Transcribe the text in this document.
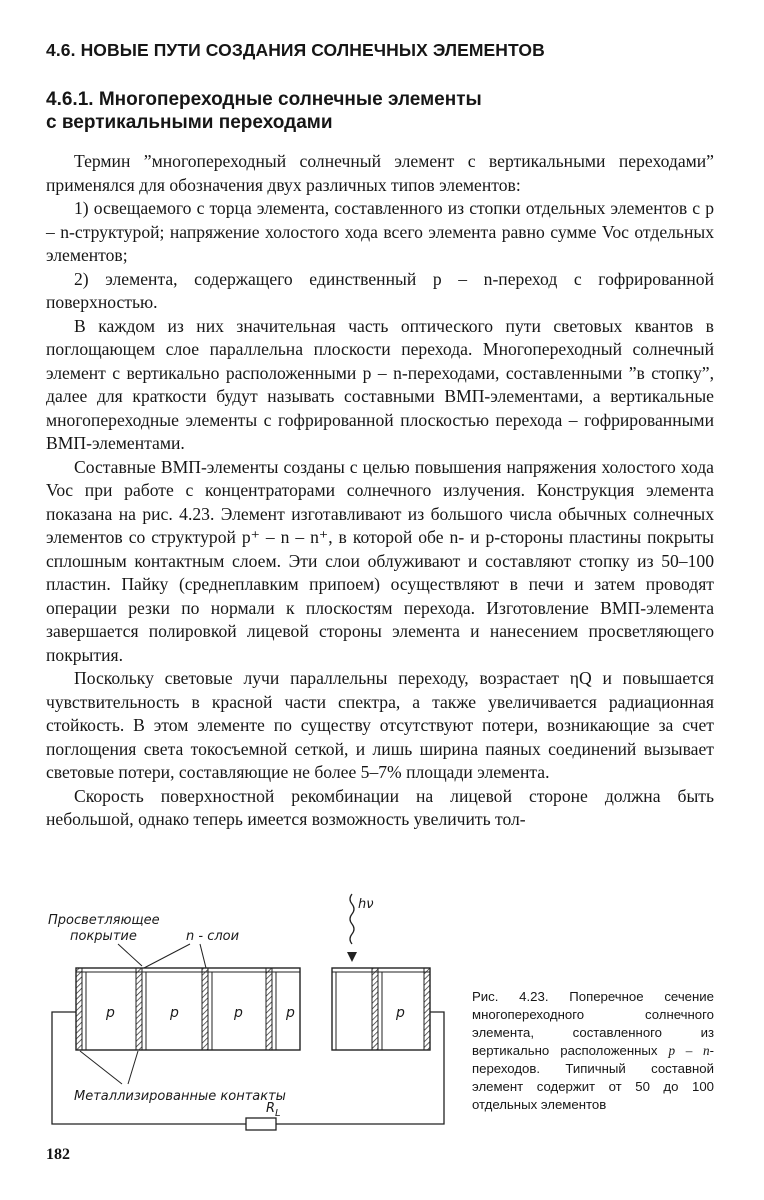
4.6. НОВЫЕ ПУТИ СОЗДАНИЯ СОЛНЕЧНЫХ ЭЛЕМЕНТОВ
4.6.1. Многопереходные солнечные элементы
с вертикальными переходами

Термин ”многопереходный солнечный элемент с вертикальными переходами” применялся для обозначения двух различных типов элементов:

1) освещаемого с торца элемента, составленного из стопки отдельных элементов с p – n-структурой; напряжение холостого хода всего элемента равно сумме Voc отдельных элементов;

2) элемента, содержащего единственный p – n-переход с гофрированной поверхностью.

В каждом из них значительная часть оптического пути световых квантов в поглощающем слое параллельна плоскости перехода. Многопереходный солнечный элемент с вертикально расположенными p – n-переходами, составленными ”в стопку”, далее для краткости будут называть составными ВМП-элементами, а вертикальные многопереходные элементы с гофрированной плоскостью перехода – гофрированными ВМП-элементами.

Составные ВМП-элементы созданы с целью повышения напряжения холостого хода Voc при работе с концентраторами солнечного излучения. Конструкция элемента показана на рис. 4.23. Элемент изготавливают из большого числа обычных солнечных элементов со структурой p⁺ – n – n⁺, в которой обе n- и p-стороны пластины покрыты сплошным контактным слоем. Эти слои облуживают и составляют стопку из 50–100 пластин. Пайку (среднеплавким припоем) осуществляют в печи и затем проводят операции резки по нормали к плоскостям перехода. Изготовление ВМП-элемента завершается полировкой лицевой стороны элемента и нанесением просветляющего покрытия.

Поскольку световые лучи параллельны переходу, возрастает ηQ и повышается чувствительность в красной части спектра, а также увеличивается радиационная стойкость. В этом элементе по существу отсутствуют потери, возникающие за счет поглощения света токосъемной сеткой, и лишь ширина паяных соединений вызывает световые потери, составляющие не более 5–7% площади элемента.

Скорость поверхностной рекомбинации на лицевой стороне должна быть небольшой, однако теперь имеется возможность увеличить тол-

Просветляющее
покрытие	n - слои
hν
p	p	p	p	p
Металлизированные контакты
$R_L$
Рис. 4.23. Поперечное сечение многопереходного солнечного элемента, составленного из вертикально расположенных p – n-переходов. Типичный составной элемент содержит от 50 до 100 отдельных элементов
182
